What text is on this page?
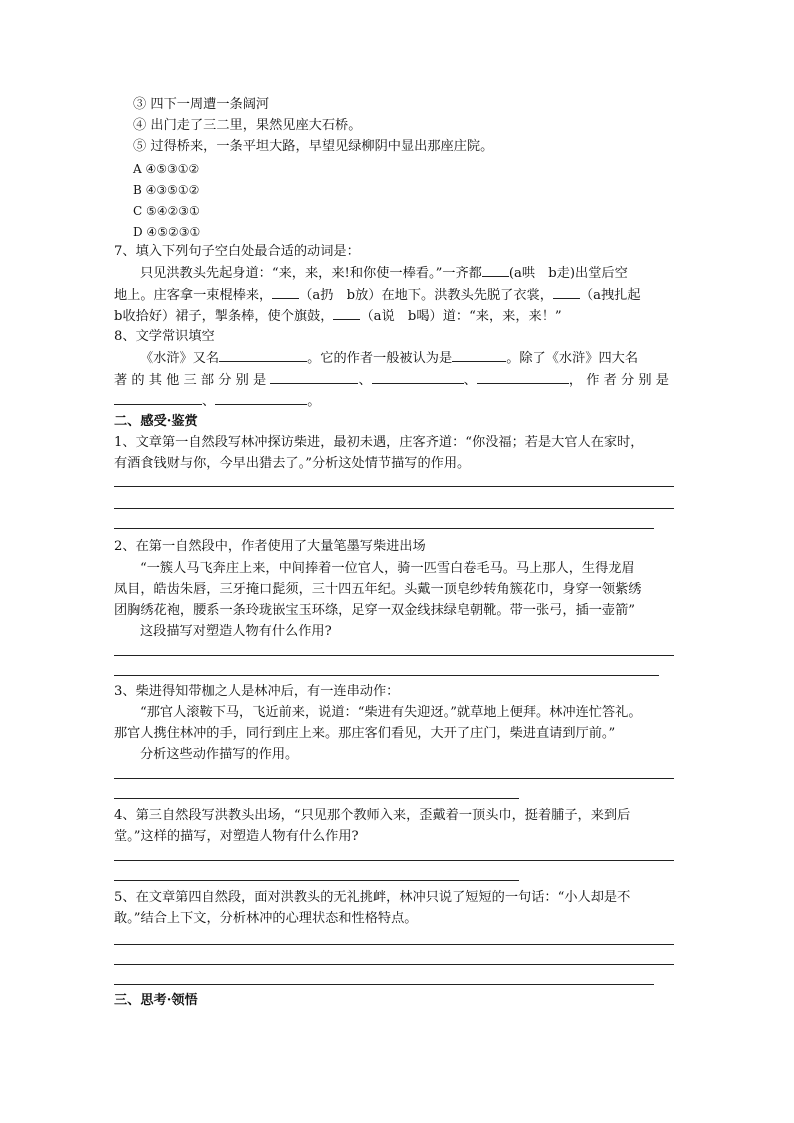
③ 四下一周遭一条阔河
④ 出门走了三二里，果然见座大石桥。
⑤ 过得桥来，一条平坦大路，早望见绿柳阴中显出那座庄院。
A ④⑤③①②
B ④③⑤①②
C ⑤④②③①
D ④⑤②③①
7、填入下列句子空白处最合适的动词是：
只见洪教头先起身道：“来，来，来!和你使一棒看。”一齐都 (a哄　b走)出堂后空
地上。庄客拿一束棍棒来， （a扔　b放）在地下。洪教头先脱了衣裳， （a拽扎起
b收拾好）裙子，掣条棒，使个旗鼓， （a说　b喝）道：“来，来，来！”
8、文学常识填空
《水浒》又名	。它的作者一般被认为是	。除了《水浒》四大名
著 的 其 他 三 部 分 别 是	、	、	， 作 者 分 别 是
、	。
二、感受·鉴赏
1、文章第一自然段写林冲探访柴进，最初未遇，庄客齐道：“你没福；若是大官人在家时，
有酒食钱财与你，今早出猎去了。”分析这处情节描写的作用。
2、在第一自然段中，作者使用了大量笔墨写柴进出场
“一簇人马飞奔庄上来，中间捧着一位官人，骑一匹雪白卷毛马。马上那人，生得龙眉
凤目，皓齿朱唇，三牙掩口髭须，三十四五年纪。头戴一顶皂纱转角簇花巾，身穿一领紫绣
团胸绣花袍，腰系一条玲珑嵌宝玉环绦，足穿一双金线抹绿皂朝靴。带一张弓，插一壶箭”
这段描写对塑造人物有什么作用?
3、柴进得知带枷之人是林冲后，有一连串动作：
“那官人滚鞍下马，飞近前来，说道：“柴进有失迎迓。”就草地上便拜。林冲连忙答礼。
那官人携住林冲的手，同行到庄上来。那庄客们看见，大开了庄门，柴进直请到厅前。”
分析这些动作描写的作用。
4、第三自然段写洪教头出场，“只见那个教师入来，歪戴着一顶头巾，挺着脯子，来到后
堂。”这样的描写，对塑造人物有什么作用?
5、在文章第四自然段，面对洪教头的无礼挑衅，林冲只说了短短的一句话：“小人却是不
敢。”结合上下文，分析林冲的心理状态和性格特点。
三、思考·领悟
